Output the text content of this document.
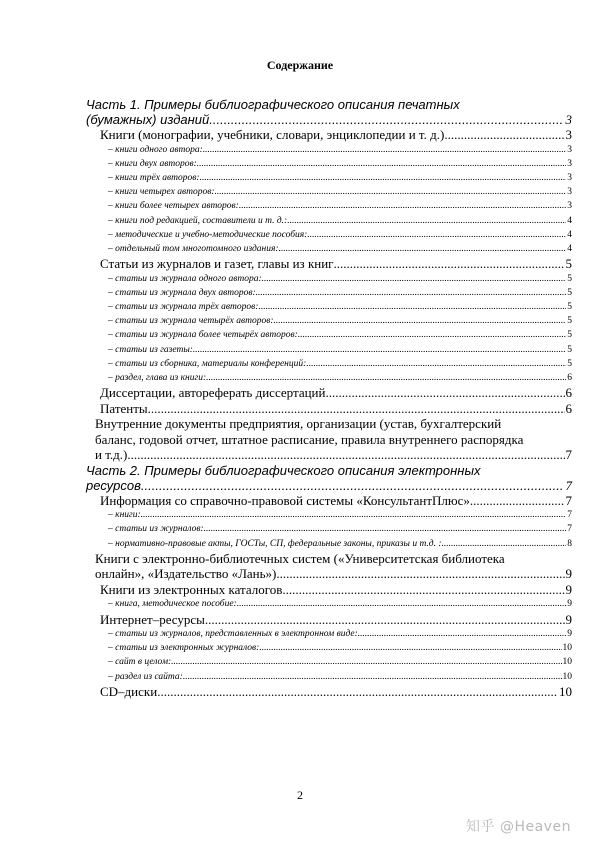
Содержание
Часть 1. Примеры библиографического описания печатных
(бумажных) изданий .....	3
Книги (монографии, учебники, словари, энциклопедии и т. д.) .....	3
– книги одного автора: .....	3
– книги двух авторов: .....	3
– книги трёх авторов: .....	3
– книги четырех авторов: .....	3
– книги более четырех авторов: .....	3
– книги под редакцией, составители и т. д.: .....	4
– методические и учебно-методические пособия: .....	4
– отдельный том многотомного издания: .....	4
Статьи из журналов и газет, главы из книг .....	5
– статьи из журнала одного автора: .....	5
– статьи из журнала двух авторов: .....	5
– статьи из журнала трёх авторов: .....	5
– статьи из журнала четырёх авторов: .....	5
– статьи из журнала более четырёх авторов: .....	5
– статьи из газеты: .....	5
– статьи из сборника, материалы конференций: .....	5
– раздел, глава из книги: .....	6
Диссертации, автореферать диссертаций .....	6
Патенты .....	6
Внутренние документы предприятия, организации (устав, бухгалтерский
баланс, годовой отчет, штатное расписание, правила внутреннего распорядка
и т.д.) .....	7
Часть 2. Примеры библиографического описания электронных
ресурсов .....	7
Информация со справочно-правовой системы «КонсультантПлюс» .....	7
– книги: .....	7
– статьи из журналов: .....	7
– нормативно-правовые акты, ГОСТы, СП, федеральные законы, приказы и т.д. : .....	8
Книги с электронно-библиотечных систем («Университетская библиотека
онлайн», «Издательство «Лань») .....	9
Книги из электронных каталогов .....	9
– книга, методическое пособие: .....	9
Интернет–ресурсы .....	9
– статьи из журналов, представленных в электронном виде: .....	9
– статьи из электронных журналов: .....	10
– сайт в целом: .....	10
– раздел из сайта: .....	10
CD–диски .....	10
2
知乎 @Heaven
